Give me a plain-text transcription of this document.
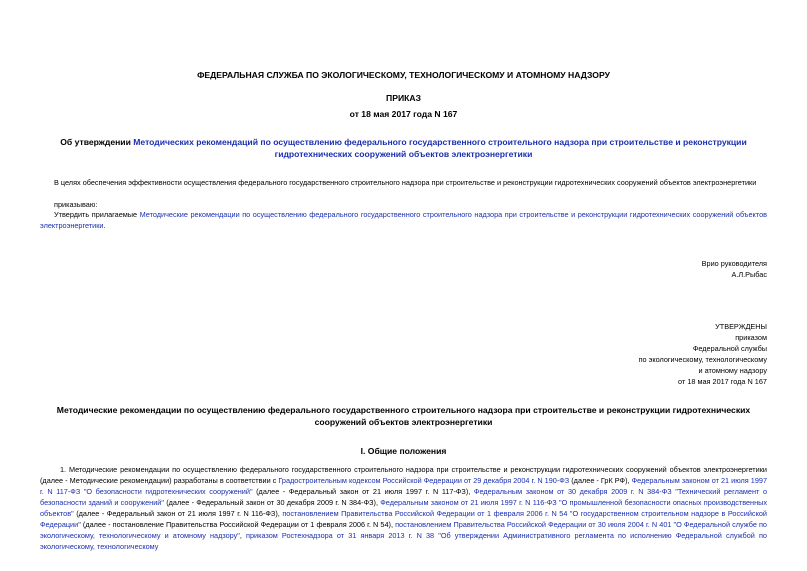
ФЕДЕРАЛЬНАЯ СЛУЖБА ПО ЭКОЛОГИЧЕСКОМУ, ТЕХНОЛОГИЧЕСКОМУ И АТОМНОМУ НАДЗОРУ
ПРИКАЗ
от 18 мая 2017 года N 167
Об утверждении Методических рекомендаций по осуществлению федерального государственного строительного надзора при строительстве и реконструкции
гидротехнических сооружений объектов электроэнергетики
В целях обеспечения эффективности осуществления федерального государственного строительного надзора при строительстве и реконструкции гидротехнических сооружений объектов электроэнергетики
приказываю:
Утвердить прилагаемые Методические рекомендации по осуществлению федерального государственного строительного надзора при строительстве и реконструкции гидротехнических сооружений объектов электроэнергетики.
Врио руководителя
А.Л.Рыбас
УТВЕРЖДЕНЫ
приказом
Федеральной службы
по экологическому, технологическому
и атомному надзору
от 18 мая 2017 года N 167
Методические рекомендации по осуществлению федерального государственного строительного надзора при строительстве и реконструкции гидротехнических
сооружений объектов электроэнергетики
I. Общие положения
1. Методические рекомендации по осуществлению федерального государственного строительного надзора при строительстве и реконструкции гидротехнических сооружений объектов электроэнергетики (далее - Методические рекомендации) разработаны в соответствии с Градостроительным кодексом Российской Федерации от 29 декабря 2004 г. N 190-ФЗ (далее - ГрК РФ), Федеральным законом от 21 июля 1997 г. N 117-ФЗ "О безопасности гидротехнических сооружений" (далее - Федеральный закон от 21 июля 1997 г. N 117-ФЗ), Федеральным законом от 30 декабря 2009 г. N 384-ФЗ "Технический регламент о безопасности зданий и сооружений" (далее - Федеральный закон от 30 декабря 2009 г. N 384-ФЗ), Федеральным законом от 21 июля 1997 г. N 116-ФЗ "О промышленной безопасности опасных производственных объектов" (далее - Федеральный закон от 21 июля 1997 г. N 116-ФЗ), постановлением Правительства Российской Федерации от 1 февраля 2006 г. N 54 "О государственном строительном надзоре в Российской Федерации" (далее - постановление Правительства Российской Федерации от 1 февраля 2006 г. N 54), постановлением Правительства Российской Федерации от 30 июля 2004 г. N 401 "О Федеральной службе по экологическому, технологическому и атомному надзору", приказом Ростехнадзора от 31 января 2013 г. N 38 "Об утверждении Административного регламента по исполнению Федеральной службой по экологическому, технологическому
